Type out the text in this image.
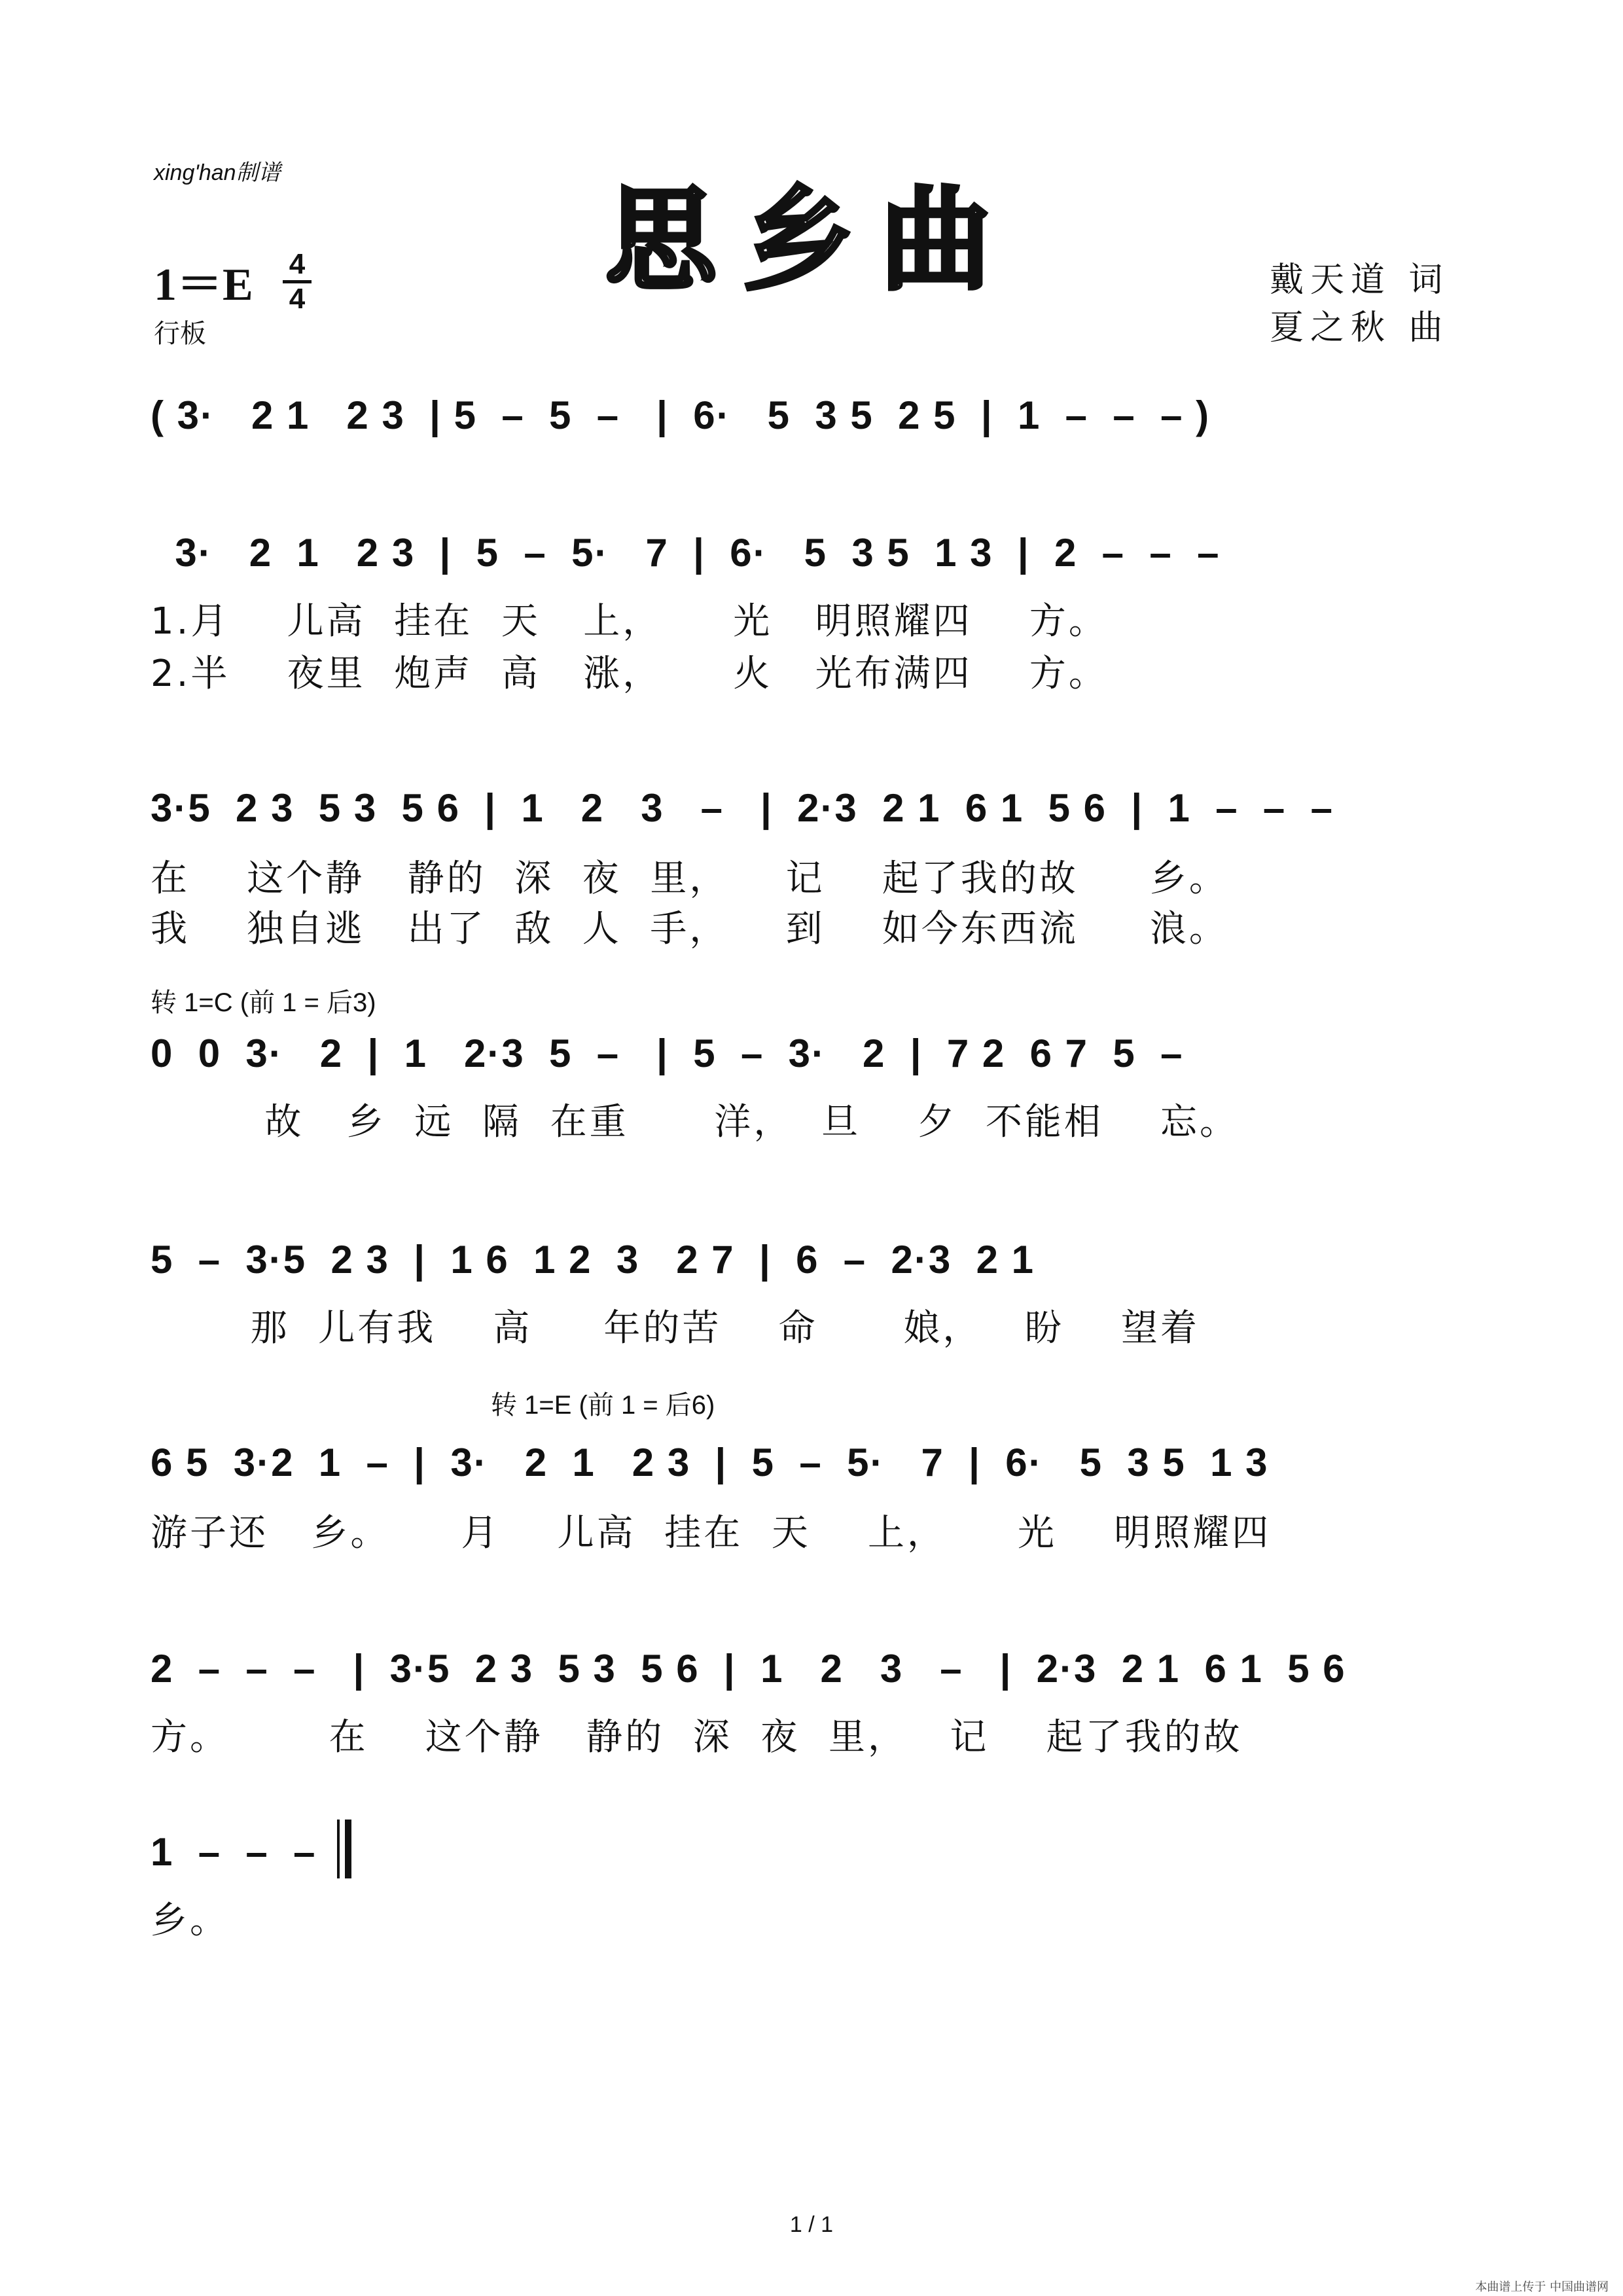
xing'han制谱
思乡曲
1＝E 4
4
行板
戴天道 词
夏之秋 曲
( 3·   2 1   2 3  | 5  –  5  –   |  6·   5  3 5  2 5  |  1  –  –  – )
3·   2  1   2 3  |  5  –  5·   7  |  6·   5  3 5  1 3  |  2  –  –  –
1.月    儿高  挂在  天   上，     光   明照耀四    方。
2.半    夜里  炮声  高   涨，     火   光布满四    方。
3·5  2 3  5 3  5 6  |  1   2   3   –   |  2·3  2 1  6 1  5 6  |  1  –  –  –
在    这个静   静的  深  夜  里，    记    起了我的故     乡。
我    独自逃   出了  敌  人  手，    到    如今东西流     浪。
转 1=C (前 1 = 后3)
0  0  3·   2  |  1   2·3  5  –   |  5  –  3·   2  |  7 2  6 7  5  –
故   乡  远  隔  在重      洋，  旦    夕  不能相    忘。
5  –  3·5  2 3  |  1 6  1 2  3   2 7  |  6  –  2·3  2 1
那  儿有我    高     年的苦    命      娘，   盼    望着
转 1=E (前 1 = 后6)
6 5  3·2  1  –  |  3·   2  1   2 3  |  5  –  5·   7  |  6·   5  3 5  1 3
游子还   乡。     月    儿高  挂在  天    上，     光    明照耀四
2  –  –  –   |  3·5  2 3  5 3  5 6  |  1   2   3   –   |  2·3  2 1  6 1  5 6
方。       在    这个静   静的  深  夜  里，   记    起了我的故
1  –  –  –
乡。
1 / 1
本曲谱上传于 中国曲谱网
